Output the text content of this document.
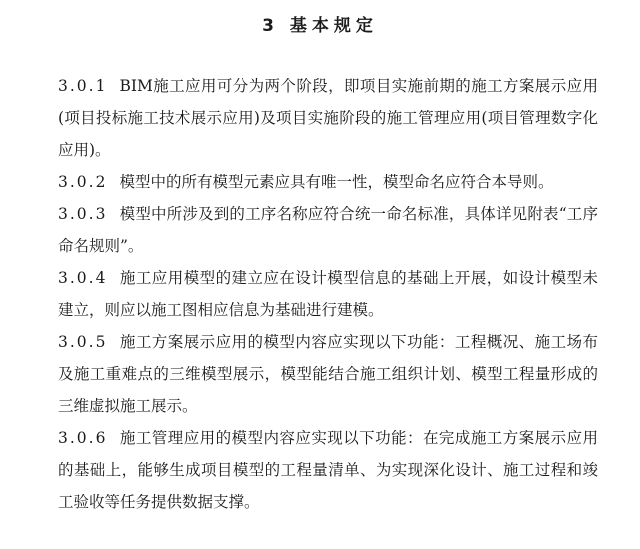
3 基本规定

3.0.1 BIM施工应用可分为两个阶段，即项目实施前期的施工方案展示应用(项目投标施工技术展示应用)及项目实施阶段的施工管理应用(项目管理数字化应用)。

3.0.2 模型中的所有模型元素应具有唯一性，模型命名应符合本导则。

3.0.3 模型中所涉及到的工序名称应符合统一命名标准，具体详见附表“工序命名规则”。

3.0.4 施工应用模型的建立应在设计模型信息的基础上开展，如设计模型未建立，则应以施工图相应信息为基础进行建模。

3.0.5 施工方案展示应用的模型内容应实现以下功能：工程概况、施工场布及施工重难点的三维模型展示，模型能结合施工组织计划、模型工程量形成的三维虚拟施工展示。

3.0.6 施工管理应用的模型内容应实现以下功能：在完成施工方案展示应用的基础上，能够生成项目模型的工程量清单、为实现深化设计、施工过程和竣工验收等任务提供数据支撑。
